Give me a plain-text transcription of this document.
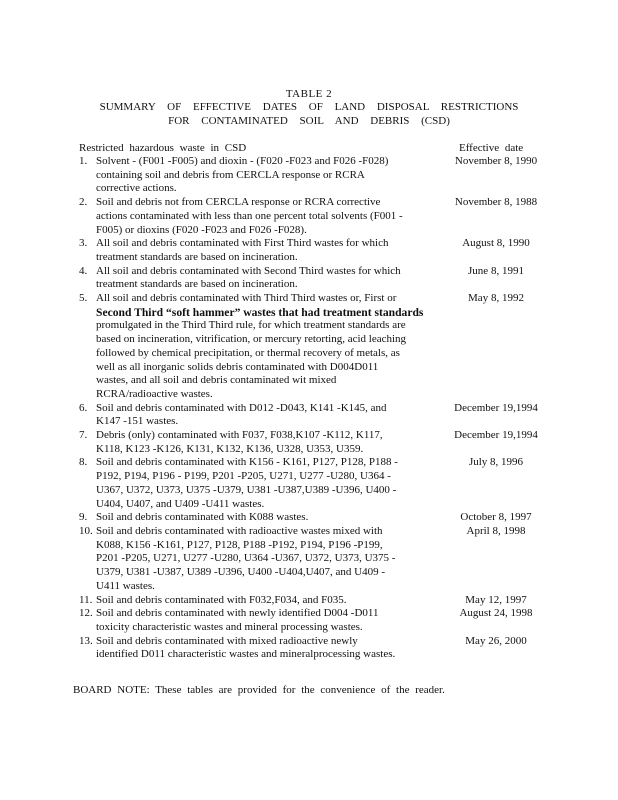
TABLE 2
SUMMARY OF EFFECTIVE DATES OF LAND DISPOSAL RESTRICTIONS
FOR CONTAMINATED SOIL AND DEBRIS (CSD)
Restricted hazardous waste in CSD	Effective date
1. Solvent - (F001 -F005) and dioxin - (F020 -F023 and F026 -F028)
containing soil and debris from CERCLA response or RCRA
corrective actions.
November 8, 1990
2. Soil and debris not from CERCLA response or RCRA corrective
actions contaminated with less than one percent total solvents (F001 -
F005) or dioxins (F020 -F023 and F026 -F028).
November 8, 1988
3. All soil and debris contaminated with First Third wastes for which
treatment standards are based on incineration.
August 8, 1990
4. All soil and debris contaminated with Second Third wastes for which
treatment standards are based on incineration.
June 8, 1991
5. All soil and debris contaminated with Third Third wastes or, First or
Second Third “soft hammer” wastes that had treatment standards
promulgated in the Third Third rule, for which treatment standards are
based on incineration, vitrification, or mercury retorting, acid leaching
followed by chemical precipitation, or thermal recovery of metals, as
well as all inorganic solids debris contaminated with D004D011
wastes, and all soil and debris contaminated wit mixed
RCRA/radioactive wastes.
May 8, 1992
6. Soil and debris contaminated with D012 -D043, K141 -K145, and
K147 -151 wastes.
December 19,1994
7. Debris (only) contaminated with F037, F038,K107 -K112, K117,
K118, K123 -K126, K131, K132, K136, U328, U353, U359.
December 19,1994
8. Soil and debris contaminated with K156 - K161, P127, P128, P188 -
P192, P194, P196 - P199, P201 -P205, U271, U277 -U280, U364 -
U367, U372, U373, U375 -U379, U381 -U387,U389 -U396, U400 -
U404, U407, and U409 -U411 wastes.
July 8, 1996
9. Soil and debris contaminated with K088 wastes.	October 8, 1997
10. Soil and debris contaminated with radioactive wastes mixed with
K088, K156 -K161, P127, P128, P188 -P192, P194, P196 -P199,
P201 -P205, U271, U277 -U280, U364 -U367, U372, U373, U375 -
U379, U381 -U387, U389 -U396, U400 -U404,U407, and U409 -
U411 wastes.
April 8, 1998
11. Soil and debris contaminated with F032,F034, and F035.	May 12, 1997
12. Soil and debris contaminated with newly identified D004 -D011
toxicity characteristic wastes and mineral processing wastes.
August 24, 1998
13. Soil and debris contaminated with mixed radioactive newly
identified D011 characteristic wastes and mineralprocessing wastes.
May 26, 2000
BOARD NOTE: These tables are provided for the convenience of the reader.
